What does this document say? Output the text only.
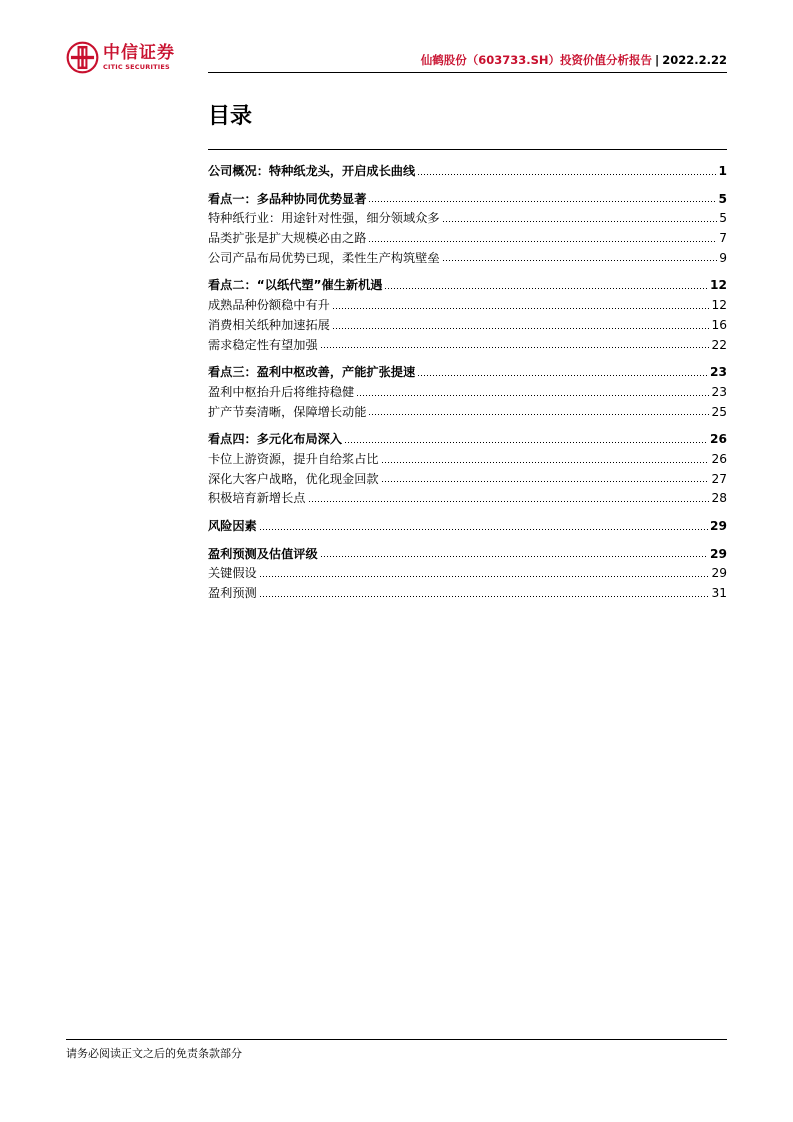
中信证券
CITIC SECURITIES	仙鹤股份（603733.SH）投资价值分析报告 | 2022.2.22
目录
公司概况：特种纸龙头，开启成长曲线	1
看点一：多品种协同优势显著	5
特种纸行业：用途针对性强，细分领域众多	5
品类扩张是扩大规模必由之路	7
公司产品布局优势已现，柔性生产构筑壁垒	9
看点二：“以纸代塑”催生新机遇	12
成熟品种份额稳中有升	12
消费相关纸种加速拓展	16
需求稳定性有望加强	22
看点三：盈利中枢改善，产能扩张提速	23
盈利中枢抬升后将维持稳健	23
扩产节奏清晰，保障增长动能	25
看点四：多元化布局深入	26
卡位上游资源，提升自给浆占比	26
深化大客户战略，优化现金回款	27
积极培育新增长点	28
风险因素	29
盈利预测及估值评级	29
关键假设	29
盈利预测	31
请务必阅读正文之后的免责条款部分
